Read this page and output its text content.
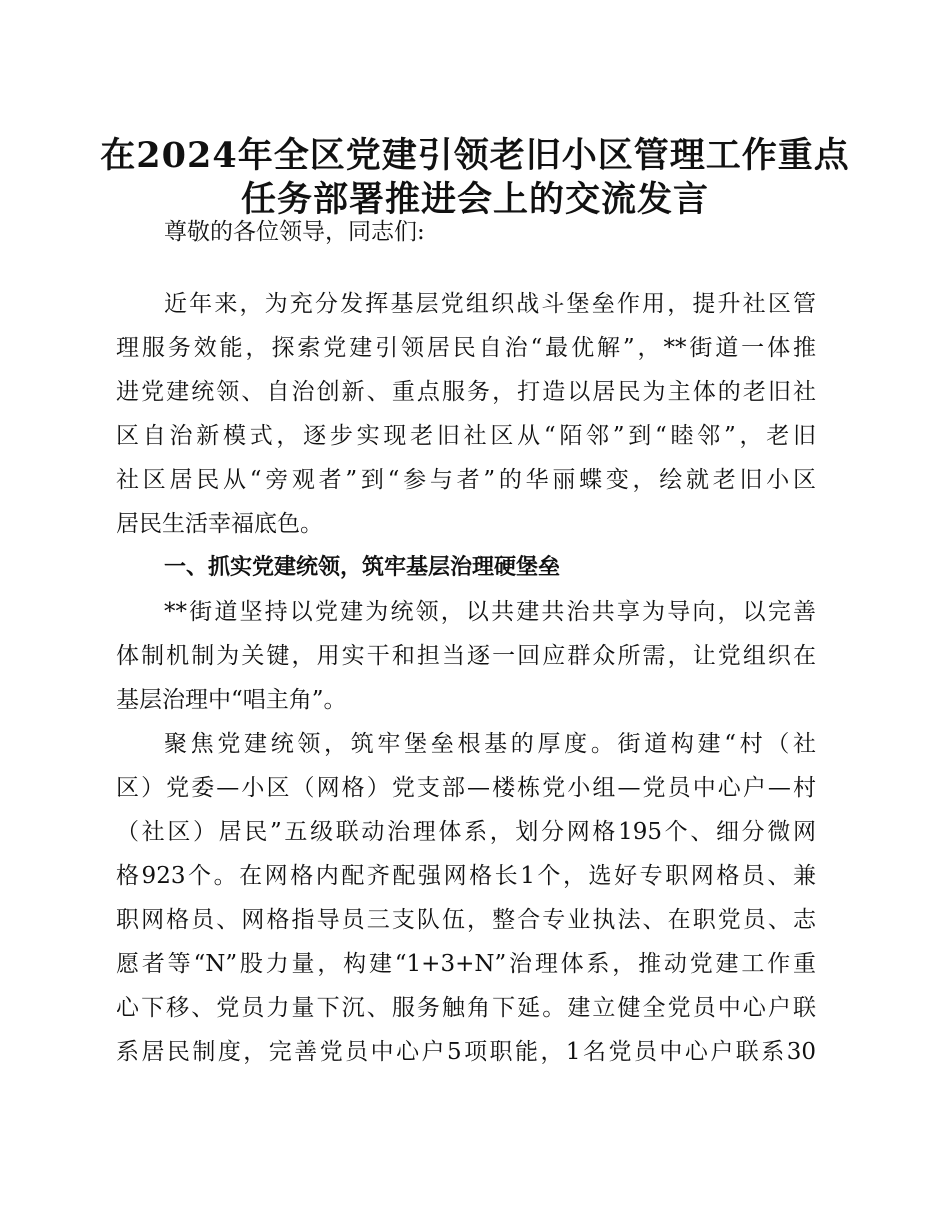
在2024年全区党建引领老旧小区管理工作重点
任务部署推进会上的交流发言

尊敬的各位领导，同志们:

近年来，为充分发挥基层党组织战斗堡垒作用，提升社区管

理服务效能，探索党建引领居民自治“最优解”，**街道一体推

进党建统领、自治创新、重点服务，打造以居民为主体的老旧社

区自治新模式，逐步实现老旧社区从“陌邻”到“睦邻”，老旧

社区居民从“旁观者”到“参与者”的华丽蝶变，绘就老旧小区

居民生活幸福底色。

一、抓实党建统领，筑牢基层治理硬堡垒

**街道坚持以党建为统领，以共建共治共享为导向，以完善

体制机制为关键，用实干和担当逐一回应群众所需，让党组织在

基层治理中“唱主角”。

聚焦党建统领，筑牢堡垒根基的厚度。街道构建“村（社

区）党委—小区（网格）党支部—楼栋党小组—党员中心户—村

（社区）居民”五级联动治理体系，划分网格195个、细分微网

格923个。在网格内配齐配强网格长1个，选好专职网格员、兼

职网格员、网格指导员三支队伍，整合专业执法、在职党员、志

愿者等“N”股力量，构建“1+3+N”治理体系，推动党建工作重

心下移、党员力量下沉、服务触角下延。建立健全党员中心户联

系居民制度，完善党员中心户5项职能，1名党员中心户联系30
